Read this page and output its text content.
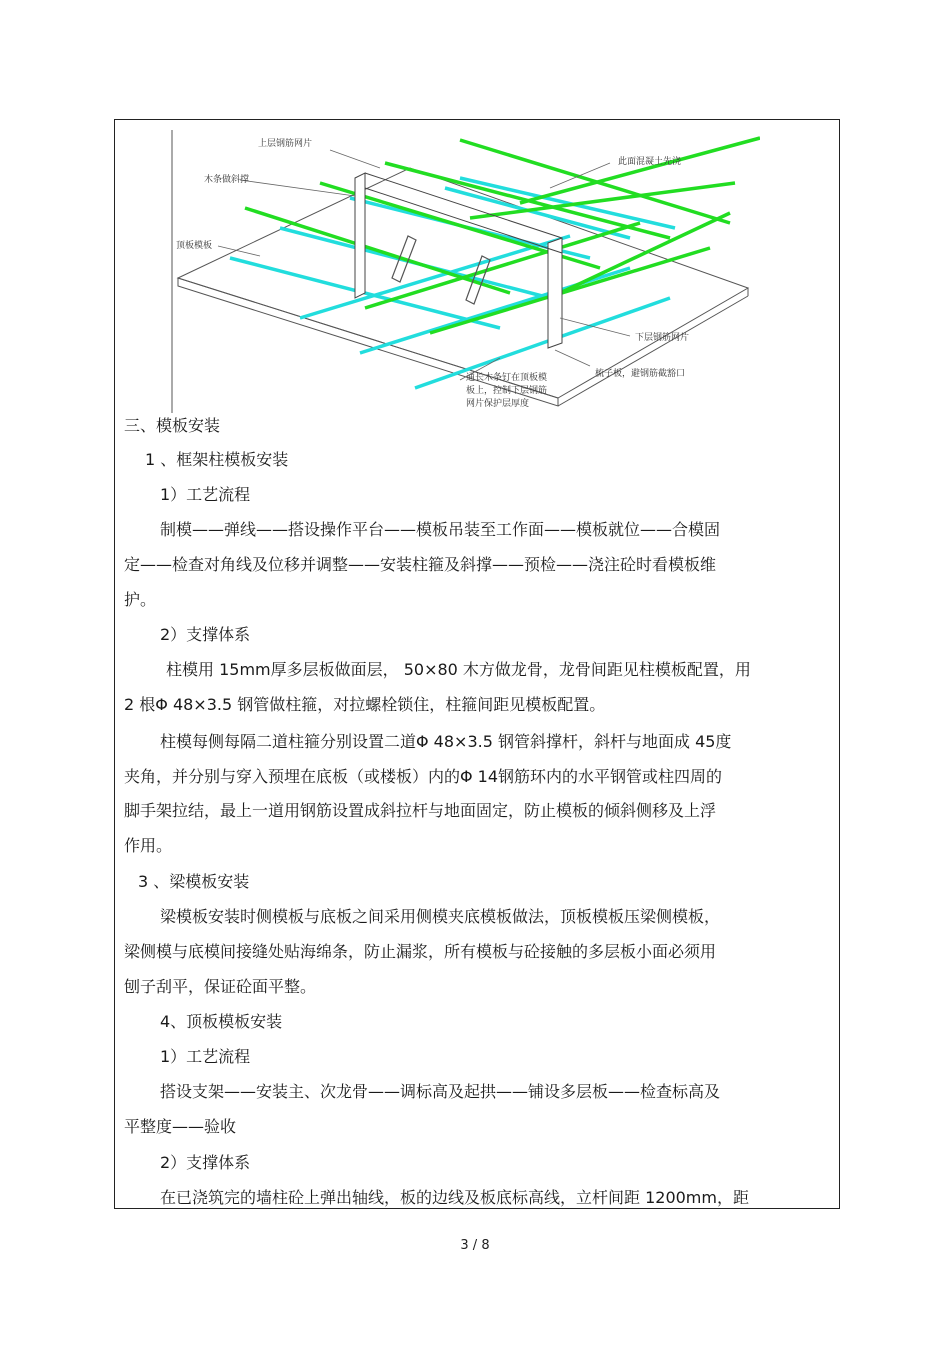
上层钢筋网片
此面混凝土先浇
木条做斜撑
顶板模板
下层钢筋网片
梳子板，避钢筋截豁口
通长木条钉在顶板模
板上，控制下层钢筋
网片保护层厚度
三、模板安装
1 、框架柱模板安装
1）工艺流程
制模——弹线——搭设操作平台——模板吊装至工作面——模板就位——合模固
定——检查对角线及位移并调整——安装柱箍及斜撑——预检——浇注砼时看模板维
护。
2）支撑体系
柱模用 15mm厚多层板做面层， 50×80 木方做龙骨，龙骨间距见柱模板配置，用
2 根Φ 48×3.5 钢管做柱箍，对拉螺栓锁住，柱箍间距见模板配置。
柱模每侧每隔二道柱箍分别设置二道Φ 48×3.5 钢管斜撑杆，斜杆与地面成 45度
夹角，并分别与穿入预埋在底板（或楼板）内的Φ 14钢筋环内的水平钢管或柱四周的
脚手架拉结，最上一道用钢筋设置成斜拉杆与地面固定，防止模板的倾斜侧移及上浮
作用。
3 、梁模板安装
梁模板安装时侧模板与底板之间采用侧模夹底模板做法，顶板模板压梁侧模板，
梁侧模与底模间接缝处贴海绵条，防止漏浆，所有模板与砼接触的多层板小面必须用
刨子刮平，保证砼面平整。
4、顶板模板安装
1）工艺流程
搭设支架——安装主、次龙骨——调标高及起拱——铺设多层板——检查标高及
平整度——验收
2）支撑体系
在已浇筑完的墙柱砼上弹出轴线，板的边线及板底标高线，立杆间距 1200mm，距
3 / 8
